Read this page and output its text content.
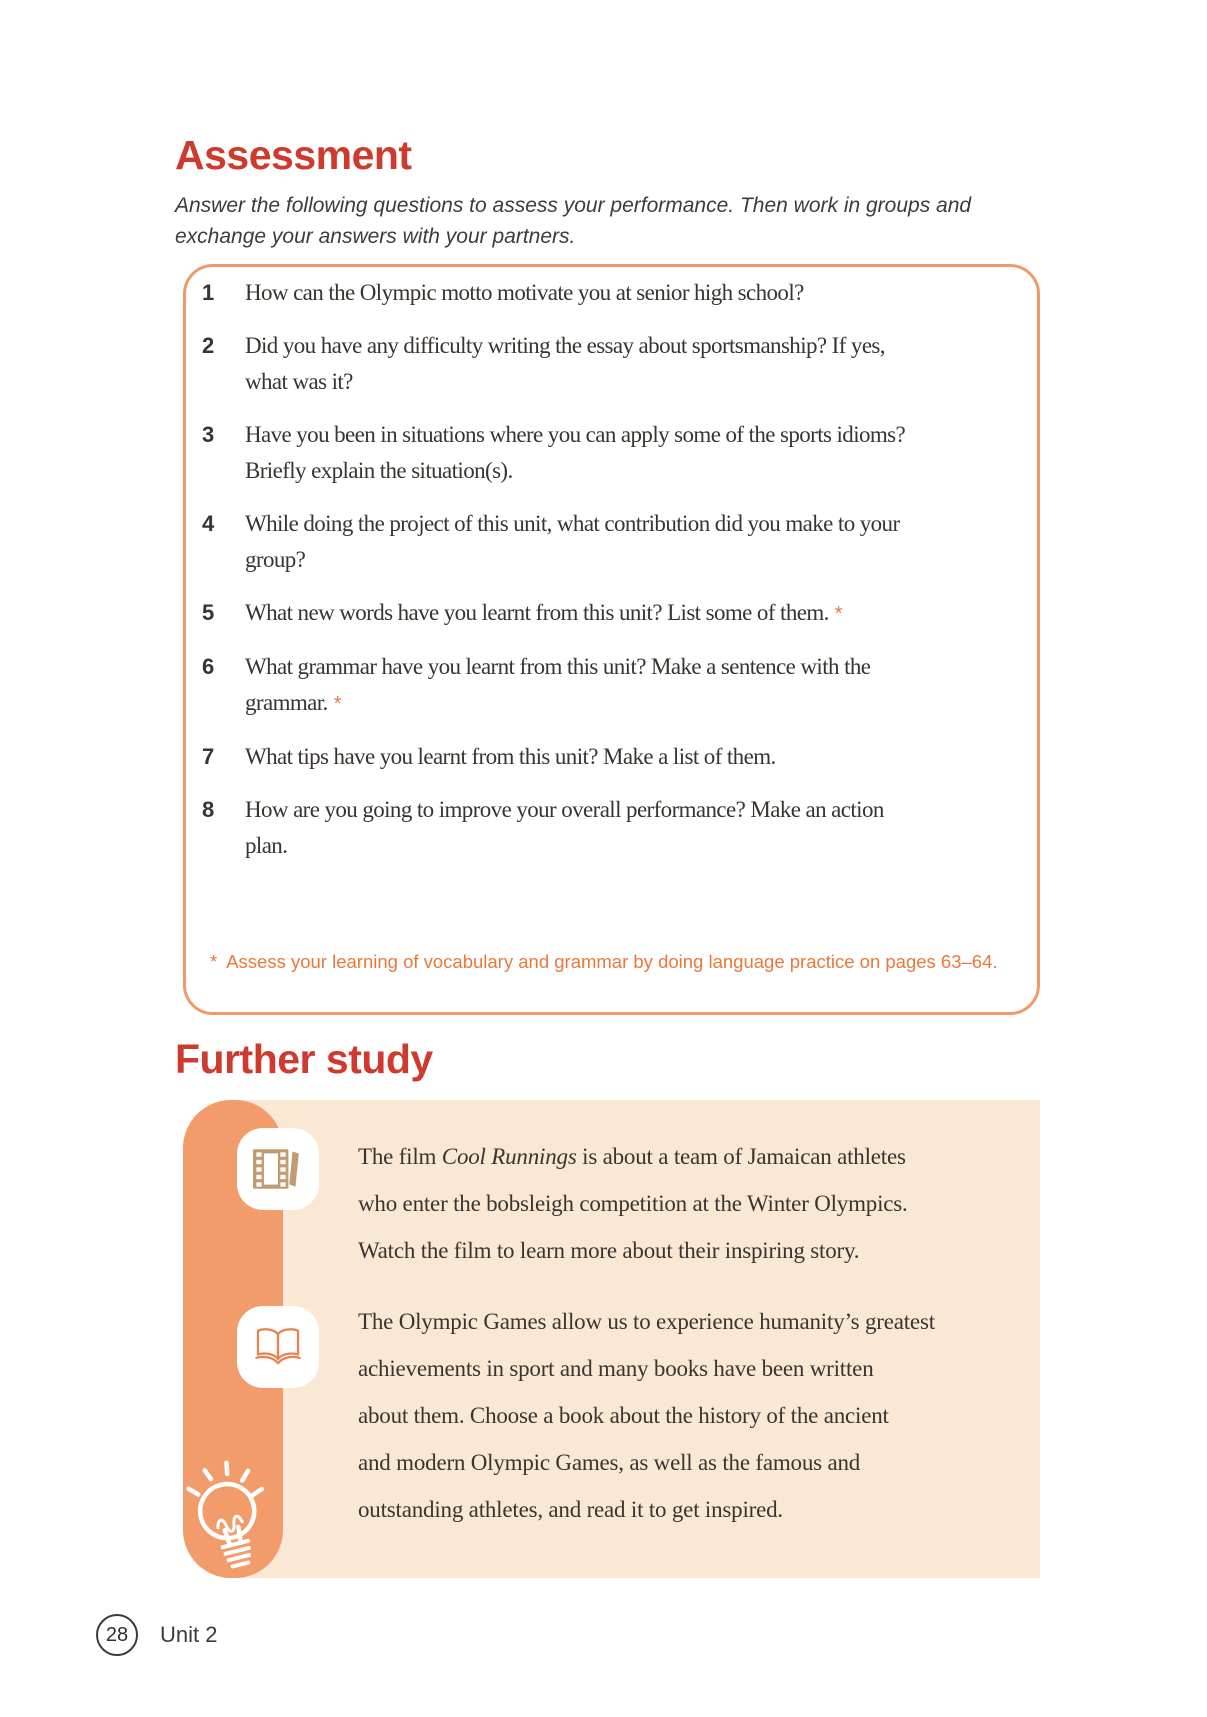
Assessment
Answer the following questions to assess your performance. Then work in groups and
exchange your answers with your partners.
1	How can the Olympic motto motivate you at senior high school?
2	Did you have any difficulty writing the essay about sportsmanship? If yes,
what was it?
3	Have you been in situations where you can apply some of the sports idioms?
Briefly explain the situation(s).
4	While doing the project of this unit, what contribution did you make to your
group?
5	What new words have you learnt from this unit? List some of them. *
6	What grammar have you learnt from this unit? Make a sentence with the
grammar. *
7	What tips have you learnt from this unit? Make a list of them.
8	How are you going to improve your overall performance? Make an action
plan.
* Assess your learning of vocabulary and grammar by doing language practice on pages 63–64.
Further study
The film Cool Runnings is about a team of Jamaican athletes
who enter the bobsleigh competition at the Winter Olympics.
Watch the film to learn more about their inspiring story.
The Olympic Games allow us to experience humanity’s greatest
achievements in sport and many books have been written
about them. Choose a book about the history of the ancient
and modern Olympic Games, as well as the famous and
outstanding athletes, and read it to get inspired.
28	Unit 2
